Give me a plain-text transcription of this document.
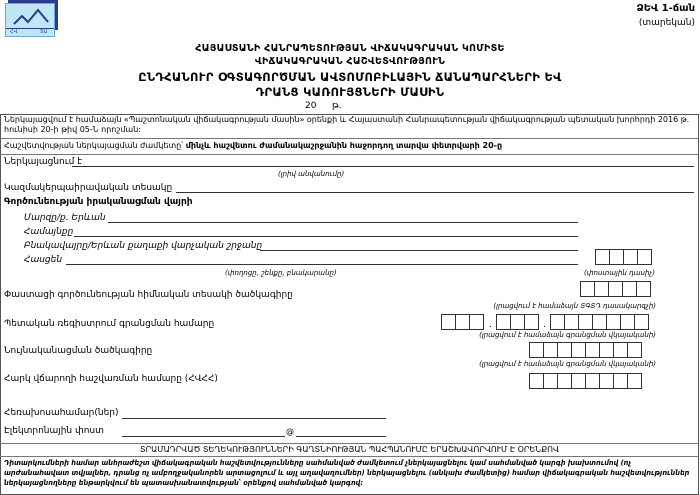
ՀՎ	ՏԱ
ՁԵՎ 1-ճան
(տարեկան)
ՀԱՅԱՍՏԱՆԻ ՀԱՆՐԱՊԵՏՈՒԹՅԱՆ ՎԻՃԱԿԱԳՐԱԿԱՆ ԿՈՄԻՏԵ
ՎԻՃԱԿԱԳՐԱԿԱՆ ՀԱՇՎԵՏՎՈՒԹՅՈՒՆ
ԸՆԴՀԱՆՈՒՐ ՕԳՏԱԳՈՐԾՄԱՆ ԱՎՏՈՄՈԲԻԼԱՅԻՆ ՃԱՆԱՊԱՐՀՆԵՐԻ ԵՎ
ԴՐԱՆՑ ԿԱՌՈՒՅՑՆԵՐԻ ՄԱՍԻՆ
20 թ.
Ներկայացվում է համաձայն «Պաշտոնական վիճակագրության մասին» օրենքի և Հայաստանի Հանրապետության վիճակագրության պետական խորհրդի 2016 թ. հունիսի 20-ի թիվ 05-Ն որոշման:
Հաշվետվության ներկայացման ժամկետը՝ մինչև հաշվետու ժամանակաշրջանին հաջորդող տարվա փետրվարի 20-ը
Ներկայացնում է
(լրիվ անվանումը)
Կազմակերպաիրավական տեսակը
Գործունեության իրականացման վայրի
Մարզը/ք. Երևան
Համայնքը
Բնակավայրը/Երևան քաղաքի վարչական շրջանը
Հասցեն
(փողոցը, շենքը, բնակարանը)	(փոստային դասիչ)
Փաստացի գործունեության հիմնական տեսակի ծածկագիրը
(լրացվում է համաձայն ՏԳՏԴ դասակարգչի)
Պետական ռեգիստրում գրանցման համարը	.	.
(լրացվում է համաձայն գրանցման վկայականի)
Նույնականացման ծածկագիրը
(լրացվում է համաձայն գրանցման վկայականի)
Հարկ վճարողի հաշվառման համարը (ՀՎՀՀ)
Հեռախոսահամար(ներ)
Էլեկտրոնային փոստ	@
ՏՐԱՄԱԴՐՎԱԾ ՏԵՂԵԿՈՒԹՅՈՒՆՆԵՐԻ ԳԱՂՏՆԻՈՒԹՅԱՆ ՊԱՀՊԱՆՈՒՄԸ ԵՐԱՇԽԱՎՈՐՎՈՒՄ Է ՕՐԵՆՔՈՎ
Դիտարկումների համար անհրաժեշտ վիճակագրական հաշվետվությունները սահմանված ժամկետում չներկայացնելու կամ սահմանված կարգի խախտումով (ոչ արժանահավատ տվյալներ, դրանց ոչ ամբողջականորեն արտացոլում և այլ աղավաղումներ) ներկայացնելու (անկախ ժամկետից) համար վիճակագրական հաշվետվություններ ներկայացնողները ենթարկվում են պատասխանատվության՝ օրենքով սահմանված կարգով:
